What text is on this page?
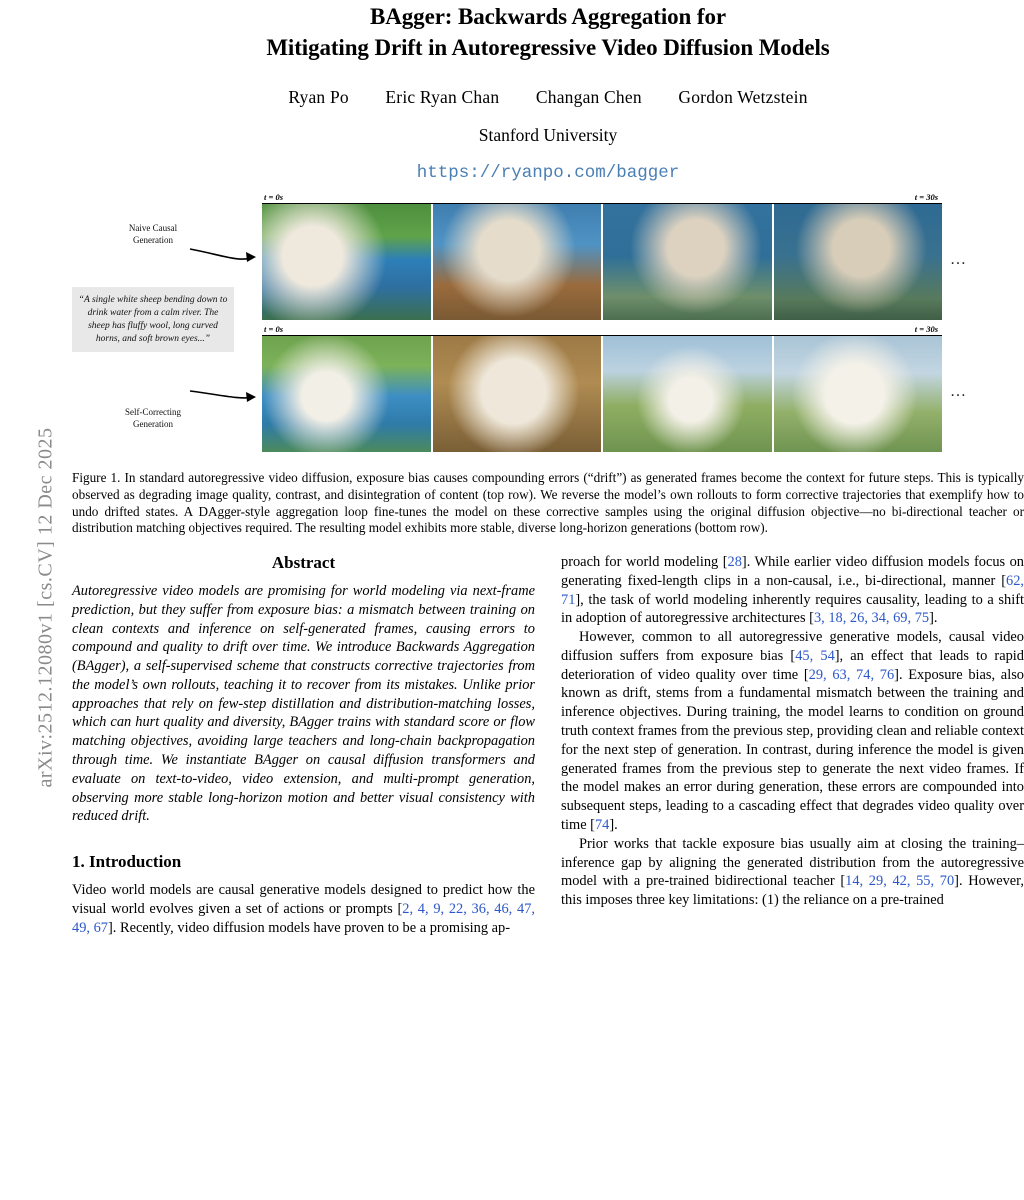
arXiv:2512.12080v1 [cs.CV] 12 Dec 2025
BAgger: Backwards Aggregation for
Mitigating Drift in Autoregressive Video Diffusion Models
Ryan Po Eric Ryan Chan Changan Chen Gordon Wetzstein
Stanford University
https://ryanpo.com/bagger
Naive Causal
Generation
Self-Correcting
Generation
“A single white sheep bending down to drink water from a calm river. The sheep has fluffy wool, long curved horns, and soft brown eyes...”
t = 0s	t = 30s
…
t = 0s	t = 30s
…
Figure 1. In standard autoregressive video diffusion, exposure bias causes compounding errors (“drift”) as generated frames become the context for future steps. This is typically observed as degrading image quality, contrast, and disintegration of content (top row). We reverse the model’s own rollouts to form corrective trajectories that exemplify how to undo drifted states. A DAgger-style aggregation loop fine-tunes the model on these corrective samples using the original diffusion objective—no bi-directional teacher or distribution matching objectives required. The resulting model exhibits more stable, diverse long-horizon generations (bottom row).
Abstract

Autoregressive video models are promising for world modeling via next-frame prediction, but they suffer from exposure bias: a mismatch between training on clean contexts and inference on self-generated frames, causing errors to compound and quality to drift over time. We introduce Backwards Aggregation (BAgger), a self-supervised scheme that constructs corrective trajectories from the model’s own rollouts, teaching it to recover from its mistakes. Unlike prior approaches that rely on few-step distillation and distribution-matching losses, which can hurt quality and diversity, BAgger trains with standard score or flow matching objectives, avoiding large teachers and long-chain backpropagation through time. We instantiate BAgger on causal diffusion transformers and evaluate on text-to-video, video extension, and multi-prompt generation, observing more stable long-horizon motion and better visual consistency with reduced drift.

1. Introduction

Video world models are causal generative models designed to predict how the visual world evolves given a set of actions or prompts [2, 4, 9, 22, 36, 46, 47, 49, 67]. Recently, video diffusion models have proven to be a promising ap-

proach for world modeling [28]. While earlier video diffusion models focus on generating fixed-length clips in a non-causal, i.e., bi-directional, manner [62, 71], the task of world modeling inherently requires causality, leading to a shift in adoption of autoregressive architectures [3, 18, 26, 34, 69, 75].

However, common to all autoregressive generative models, causal video diffusion suffers from exposure bias [45, 54], an effect that leads to rapid deterioration of video quality over time [29, 63, 74, 76]. Exposure bias, also known as drift, stems from a fundamental mismatch between the training and inference objectives. During training, the model learns to condition on ground truth context frames from the previous step, providing clean and reliable context for the next step of generation. In contrast, during inference the model is given generated frames from the previous step to generate the next video frames. If the model makes an error during generation, these errors are compounded into subsequent steps, leading to a cascading effect that degrades video quality over time [74].

Prior works that tackle exposure bias usually aim at closing the training–inference gap by aligning the generated distribution from the autoregressive model with a pre-trained bidirectional teacher [14, 29, 42, 55, 70]. However, this imposes three key limitations: (1) the reliance on a pre-trained
